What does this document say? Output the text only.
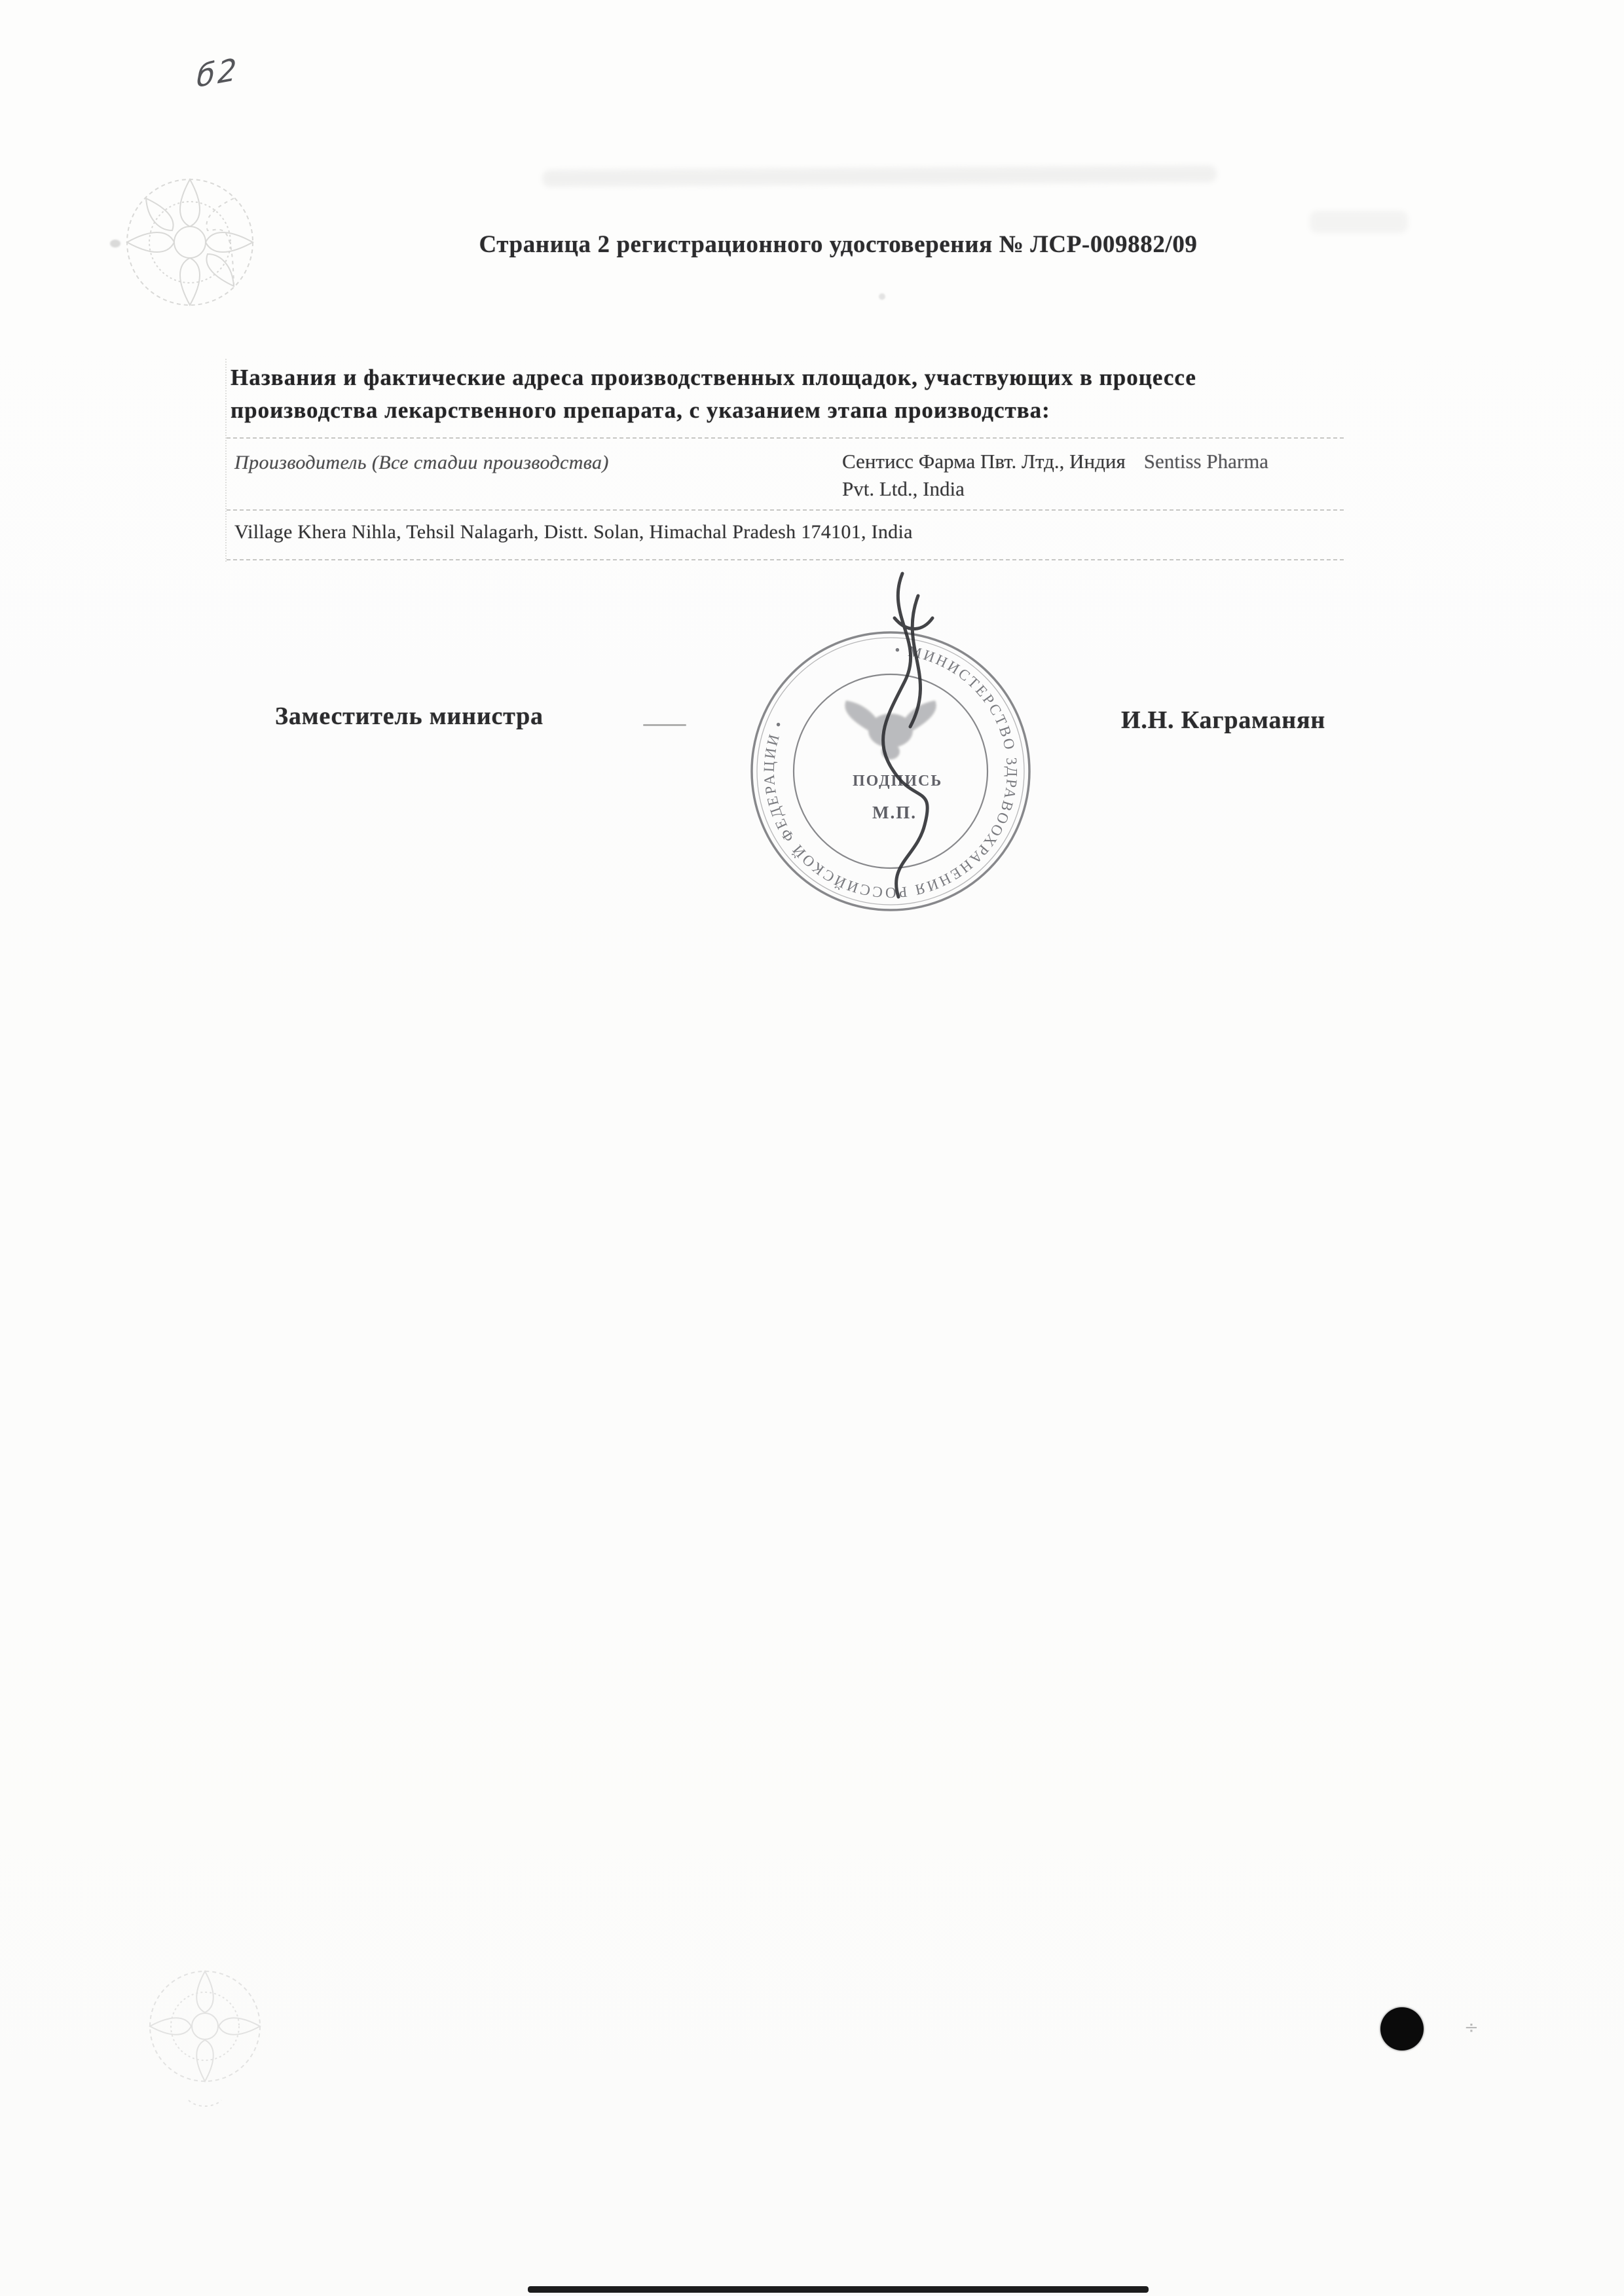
б2
Страница 2 регистрационного удостоверения № ЛСР-009882/09
Названия и фактические адреса производственных площадок, участвующих в процессе производства лекарственного препарата, с указанием этапа производства:
Производитель (Все стадии производства)	Сентисс Фарма Пвт. Лтд., Индия Sentiss Pharma
Pvt. Ltd., India
Village Khera Nihla, Tehsil Nalagarh, Distt. Solan, Himachal Pradesh 174101, India
Заместитель министра	И.Н. Каграманян
• МИНИСТЕРСТВО ЗДРАВООХРАНЕНИЯ РОССИЙСКОЙ ФЕДЕРАЦИИ •
ПОДПИСЬ
М.П.
÷
